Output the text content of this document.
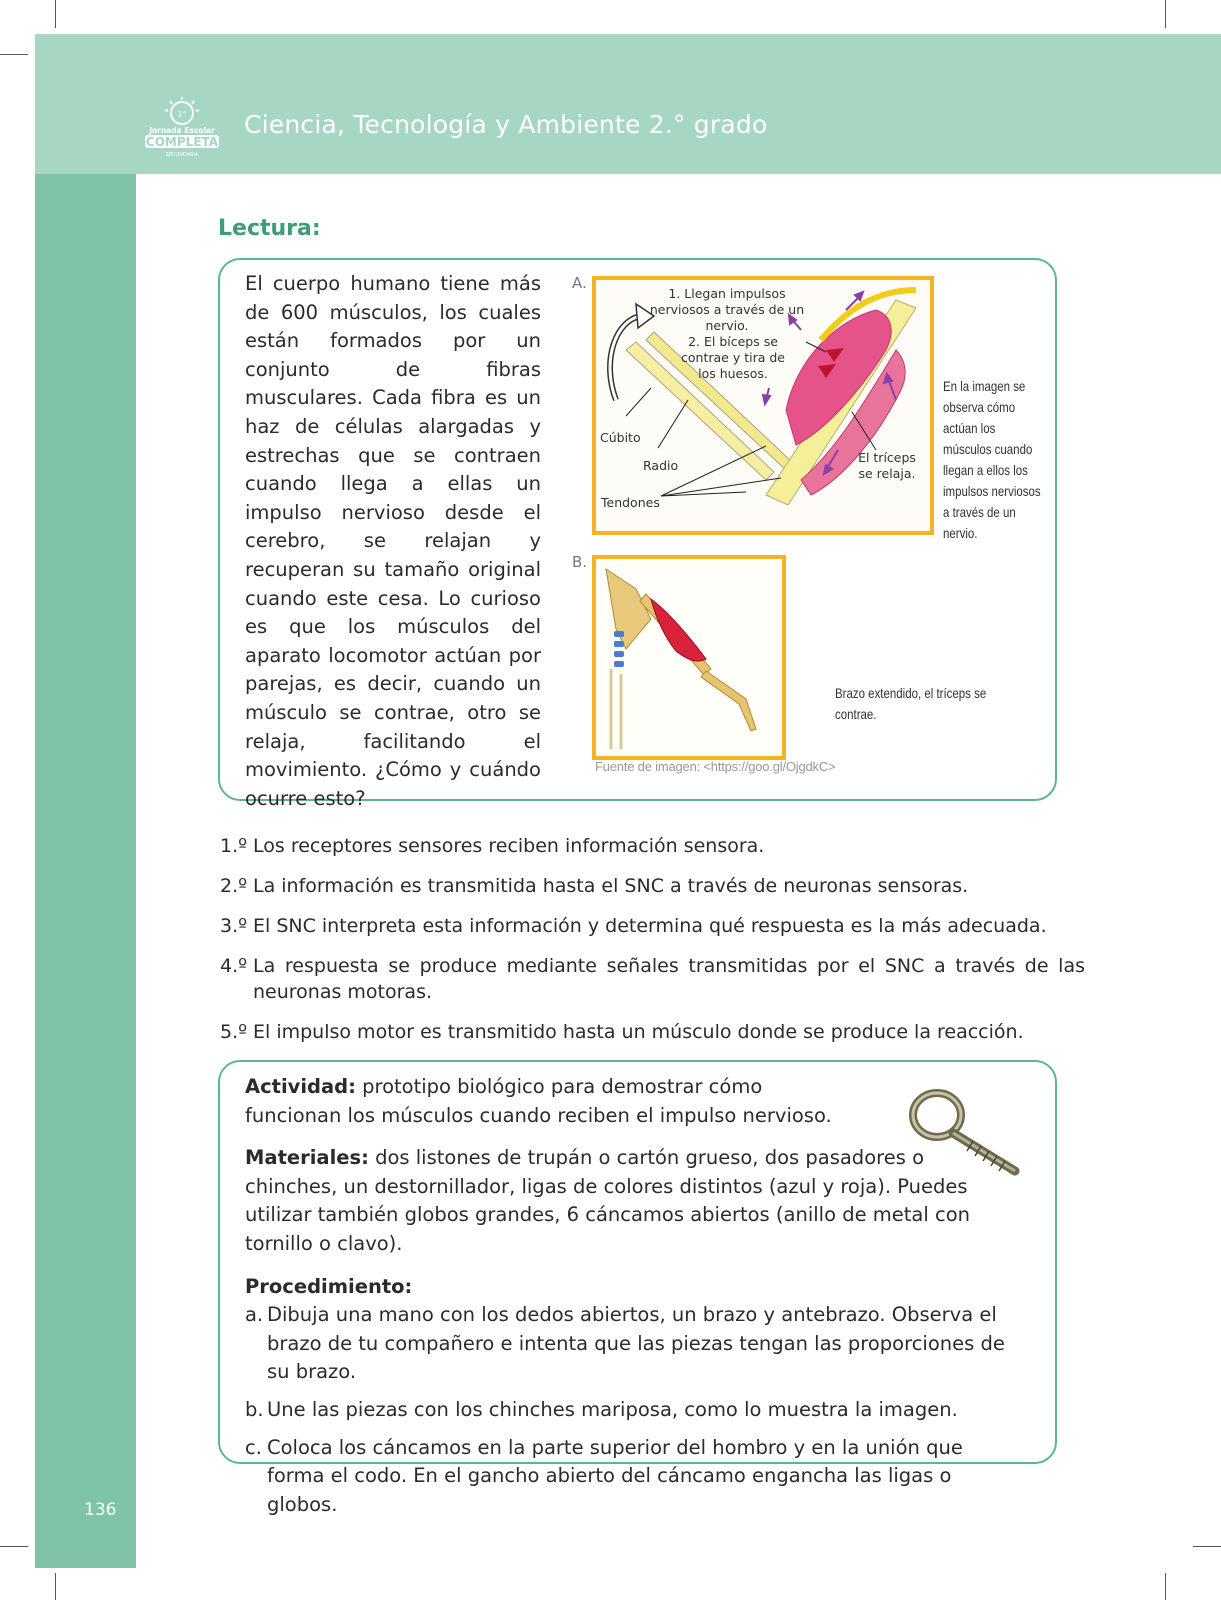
1°
Jornada Escolar
COMPLETA
SECUNDARIA
Ciencia, Tecnología y Ambiente 2.° grado
136
Lectura:
El cuerpo humano tiene más de 600 músculos, los cuales están formados por un conjunto de fibras musculares. Cada fibra es un haz de células alargadas y estrechas que se contraen cuando llega a ellas un impulso nervioso desde el cerebro, se relajan y recuperan su tamaño original cuando este cesa. Lo curioso es que los músculos del aparato locomotor actúan por parejas, es decir, cuando un músculo se contrae, otro se relaja, facilitando el movimiento. ¿Cómo y cuándo ocurre esto?
A.
B.
1. Llegan impulsos nerviosos a través de un nervio.
2. El bíceps se contrae y tira de los huesos.
Cúbito
Radio
Tendones
El tríceps se relaja.
En la imagen se observa cómo actúan los músculos cuando llegan a ellos los impulsos nerviosos a través de un nervio.
Brazo extendido, el tríceps se contrae.
Fuente de imagen: <https://goo.gl/OjgdkC>
1.º Los receptores sensores reciben información sensora.
2.º La información es transmitida hasta el SNC a través de neuronas sensoras.
3.º El SNC interpreta esta información y determina qué respuesta es la más adecuada.
4.º La respuesta se produce mediante señales transmitidas por el SNC a través de las neuronas motoras.
5.º El impulso motor es transmitido hasta un músculo donde se produce la reacción.

Actividad: prototipo biológico para demostrar cómo funcionan los músculos cuando reciben el impulso nervioso.

Materiales: dos listones de trupán o cartón grueso, dos pasadores o chinches, un destornillador, ligas de colores distintos (azul y roja). Puedes utilizar también globos grandes, 6 cáncamos abiertos (anillo de metal con tornillo o clavo).

Procedimiento:

a. Dibuja una mano con los dedos abiertos, un brazo y antebrazo. Observa el brazo de tu compañero e intenta que las piezas tengan las proporciones de su brazo.
b. Une las piezas con los chinches mariposa, como lo muestra la imagen.
c. Coloca los cáncamos en la parte superior del hombro y en la unión que forma el codo. En el gancho abierto del cáncamo engancha las ligas o globos.
